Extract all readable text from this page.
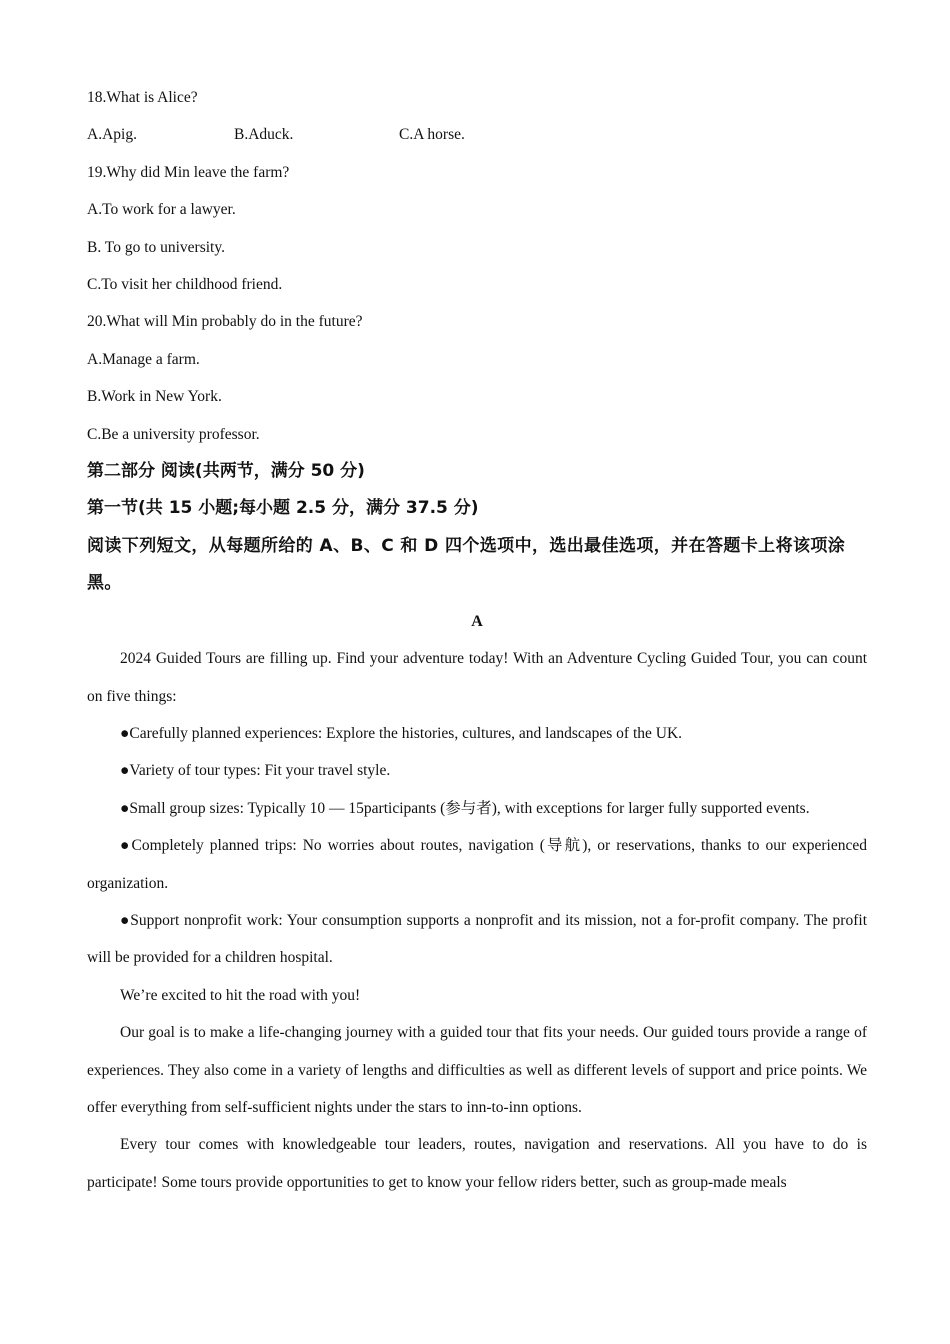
18.What is Alice?
A.Apig.	B.Aduck.	C.A horse.
19.Why did Min leave the farm?
A.To work for a lawyer.
B. To go to university.
C.To visit her childhood friend.
20.What will Min probably do in the future?
A.Manage a farm.
B.Work in New York.
C.Be a university professor.
第二部分 阅读(共两节，满分 50 分)
第一节(共 15 小题;每小题 2.5 分，满分 37.5 分)
阅读下列短文，从每题所给的 A、B、C 和 D 四个选项中，选出最佳选项，并在答题卡上将该项涂黑。
A
2024 Guided Tours are filling up. Find your adventure today! With an Adventure Cycling Guided Tour, you can count on five things:
●Carefully planned experiences: Explore the histories, cultures, and landscapes of the UK.
●Variety of tour types: Fit your travel style.
●Small group sizes: Typically 10 — 15participants (参与者), with exceptions for larger fully supported events.
●Completely planned trips: No worries about routes, navigation (导航), or reservations, thanks to our experienced organization.
●Support nonprofit work: Your consumption supports a nonprofit and its mission, not a for-profit company. The profit will be provided for a children hospital.
We’re excited to hit the road with you!
Our goal is to make a life-changing journey with a guided tour that fits your needs. Our guided tours provide a range of experiences. They also come in a variety of lengths and difficulties as well as different levels of support and price points. We offer everything from self-sufficient nights under the stars to inn-to-inn options.
Every tour comes with knowledgeable tour leaders, routes, navigation and reservations. All you have to do is participate! Some tours provide opportunities to get to know your fellow riders better, such as group-made meals
